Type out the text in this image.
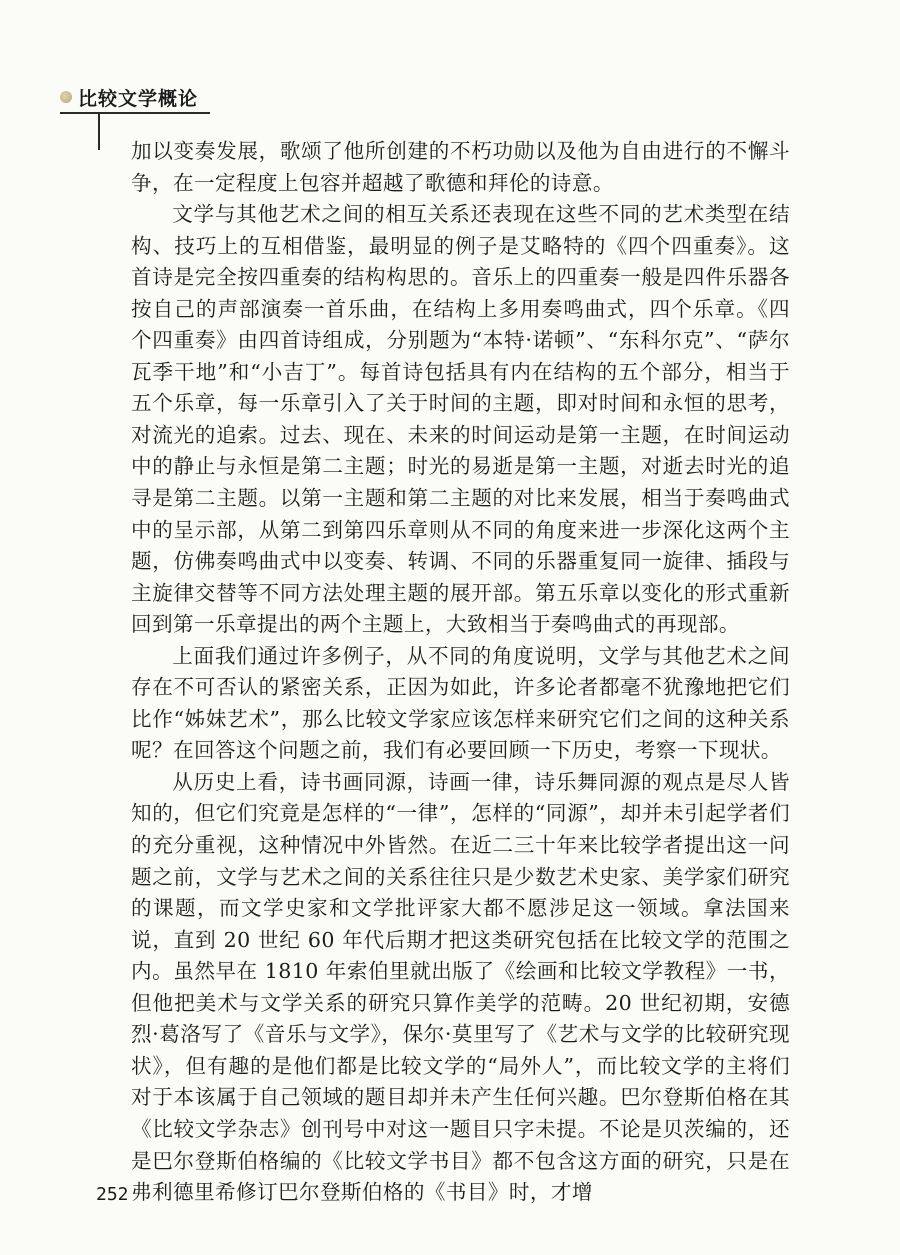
比较文学概论

加以变奏发展，歌颂了他所创建的不朽功勋以及他为自由进行的不懈斗争，在一定程度上包容并超越了歌德和拜伦的诗意。

文学与其他艺术之间的相互关系还表现在这些不同的艺术类型在结构、技巧上的互相借鉴，最明显的例子是艾略特的《四个四重奏》。这首诗是完全按四重奏的结构构思的。音乐上的四重奏一般是四件乐器各按自己的声部演奏一首乐曲，在结构上多用奏鸣曲式，四个乐章。《四个四重奏》由四首诗组成，分别题为“本特·诺顿”、“东科尔克”、“萨尔瓦季干地”和“小吉丁”。每首诗包括具有内在结构的五个部分，相当于五个乐章，每一乐章引入了关于时间的主题，即对时间和永恒的思考，对流光的追索。过去、现在、未来的时间运动是第一主题，在时间运动中的静止与永恒是第二主题；时光的易逝是第一主题，对逝去时光的追寻是第二主题。以第一主题和第二主题的对比来发展，相当于奏鸣曲式中的呈示部，从第二到第四乐章则从不同的角度来进一步深化这两个主题，仿佛奏鸣曲式中以变奏、转调、不同的乐器重复同一旋律、插段与主旋律交替等不同方法处理主题的展开部。第五乐章以变化的形式重新回到第一乐章提出的两个主题上，大致相当于奏鸣曲式的再现部。

上面我们通过许多例子，从不同的角度说明，文学与其他艺术之间存在不可否认的紧密关系，正因为如此，许多论者都毫不犹豫地把它们比作“姊妹艺术”，那么比较文学家应该怎样来研究它们之间的这种关系呢？在回答这个问题之前，我们有必要回顾一下历史，考察一下现状。

从历史上看，诗书画同源，诗画一律，诗乐舞同源的观点是尽人皆知的，但它们究竟是怎样的“一律”，怎样的“同源”，却并未引起学者们的充分重视，这种情况中外皆然。在近二三十年来比较学者提出这一问题之前，文学与艺术之间的关系往往只是少数艺术史家、美学家们研究的课题，而文学史家和文学批评家大都不愿涉足这一领域。拿法国来说，直到 20 世纪 60 年代后期才把这类研究包括在比较文学的范围之内。虽然早在 1810 年索伯里就出版了《绘画和比较文学教程》一书，但他把美术与文学关系的研究只算作美学的范畴。20 世纪初期，安德烈·葛洛写了《音乐与文学》，保尔·莫里写了《艺术与文学的比较研究现状》，但有趣的是他们都是比较文学的“局外人”，而比较文学的主将们对于本该属于自己领域的题目却并未产生任何兴趣。巴尔登斯伯格在其《比较文学杂志》创刊号中对这一题目只字未提。不论是贝茨编的，还是巴尔登斯伯格编的《比较文学书目》都不包含这方面的研究，只是在弗利德里希修订巴尔登斯伯格的《书目》时，才增

252
